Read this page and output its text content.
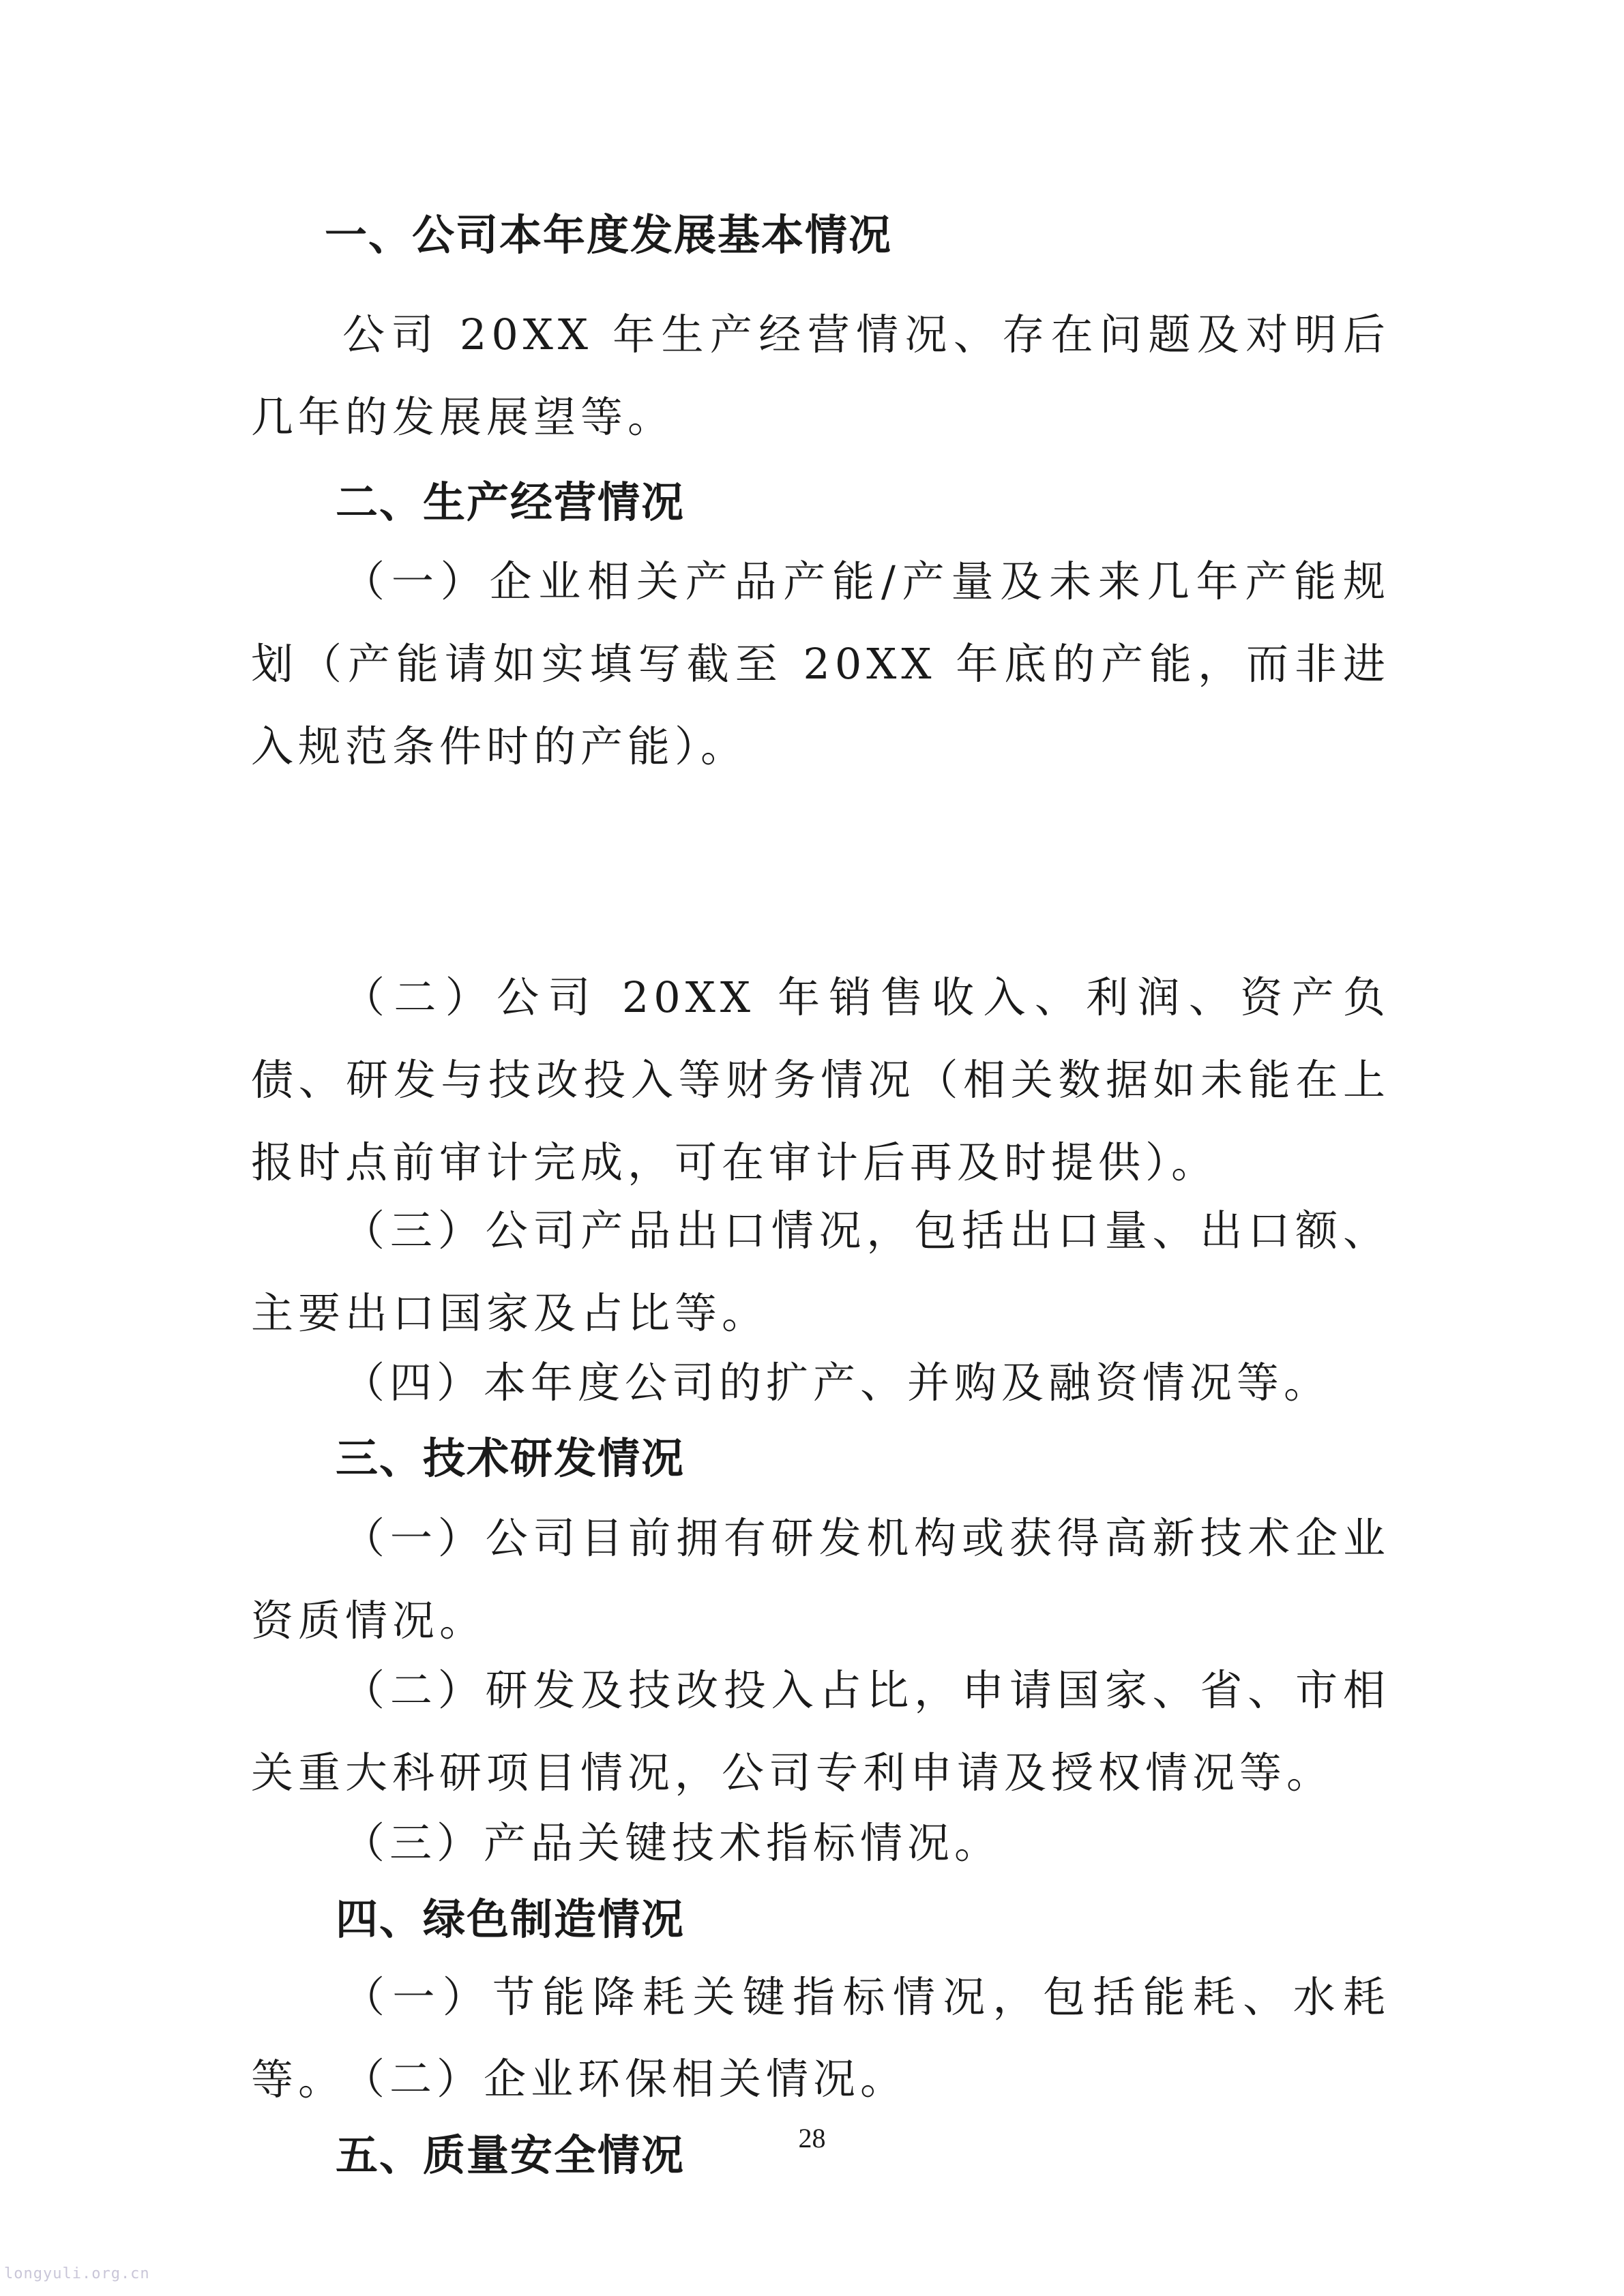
一、公司本年度发展基本情况
公司 20XX 年生产经营情况、存在问题及对明后几年的发展展望等。
二、生产经营情况
（一）企业相关产品产能/产量及未来几年产能规划（产能请如实填写截至 20XX 年底的产能，而非进入规范条件时的产能）。
（二）公司 20XX 年销售收入、利润、资产负债、研发与技改投入等财务情况（相关数据如未能在上报时点前审计完成，可在审计后再及时提供）。
（三）公司产品出口情况，包括出口量、出口额、主要出口国家及占比等。
（四）本年度公司的扩产、并购及融资情况等。
三、技术研发情况
（一）公司目前拥有研发机构或获得高新技术企业资质情况。
（二）研发及技改投入占比，申请国家、省、市相关重大科研项目情况，公司专利申请及授权情况等。
（三）产品关键技术指标情况。
四、绿色制造情况
（一）节能降耗关键指标情况，包括能耗、水耗等。
（二）企业环保相关情况。
五、质量安全情况	28
longyuli.org.cn
